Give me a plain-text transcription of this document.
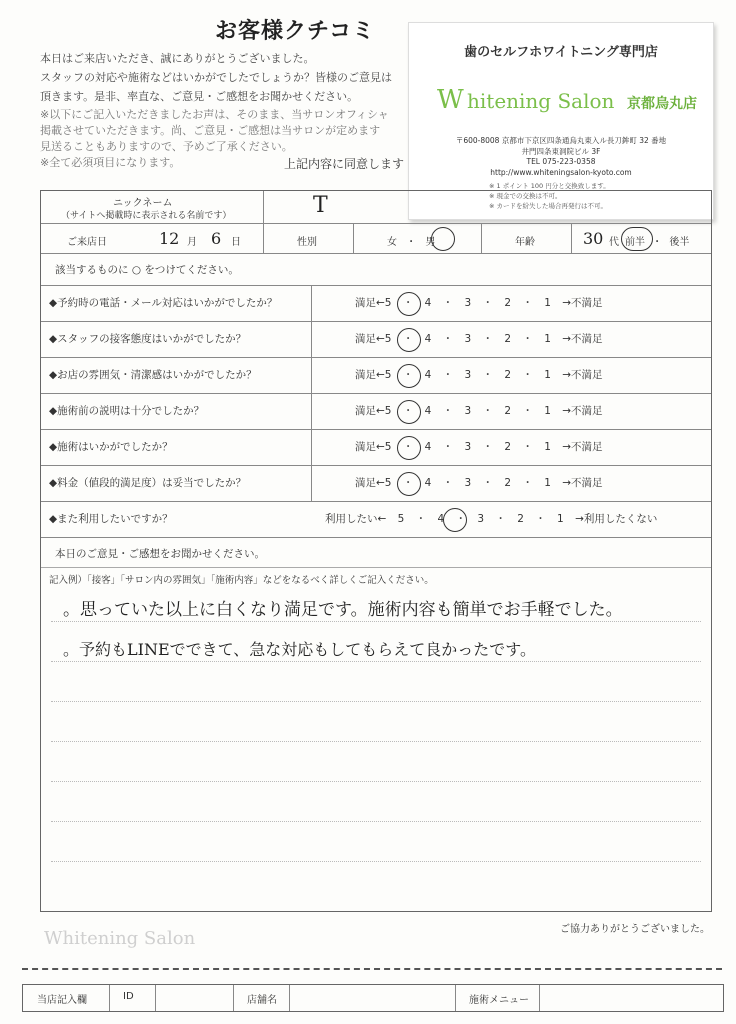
お客様クチコミ
本日はご来店いただき、誠にありがとうございました。
スタッフの対応や施術などはいかがでしたでしょうか？皆様のご意見は
頂きます。是非、率直な、ご意見・ご感想をお聞かせください。
※以下にご記入いただきましたお声は、そのまま、当サロンオフィシャ
掲載させていただきます。尚、ご意見・ご感想は当サロンが定めます
見送ることもありますので、予めご了承ください。
※全て必須項目になります。	上記内容に同意します
歯のセルフホワイトニング専門店
W hitening Salon 京都烏丸店
〒600-8008 京都市下京区四条通烏丸東入ル長刀鉾町 32 番地
井門四条東洞院ビル 3F
TEL 075-223-0358
http://www.whiteningsalon-kyoto.com
※ 1 ポイント 100 円分と交換致します。
※ 現金での交換は不可。
※ カードを紛失した場合再発行は不可。
ニックネーム
（サイトへ掲載時に表示される名前です）	T
ご来店日	12 月 6 日	性別	女 ・ 男	年齢	30 代 前半 ・ 後半
該当するものに ○ をつけてください。
◆予約時の電話・メール対応はいかがでしたか？	満足←5 ・ 4 ・ 3 ・ 2 ・ 1 →不満足
◆スタッフの接客態度はいかがでしたか？	満足←5 ・ 4 ・ 3 ・ 2 ・ 1 →不満足
◆お店の雰囲気・清潔感はいかがでしたか？	満足←5 ・ 4 ・ 3 ・ 2 ・ 1 →不満足
◆施術前の説明は十分でしたか？	満足←5 ・ 4 ・ 3 ・ 2 ・ 1 →不満足
◆施術はいかがでしたか？	満足←5 ・ 4 ・ 3 ・ 2 ・ 1 →不満足
◆料金（値段的満足度）は妥当でしたか？	満足←5 ・ 4 ・ 3 ・ 2 ・ 1 →不満足
◆また利用したいですか？	利用したい← 5 ・ 4 ・ 3 ・ 2 ・ 1 →利用したくない
本日のご意見・ご感想をお聞かせください。
記入例）「接客」「サロン内の雰囲気」「施術内容」などをなるべく詳しくご記入ください。
。思っていた以上に白くなり満足です。施術内容も簡単でお手軽でした。
。予約もLINEでできて、急な対応もしてもらえて良かったです。
ご協力ありがとうございました。
Whitening Salon
当店記入欄	ID	店舗名	施術メニュー
